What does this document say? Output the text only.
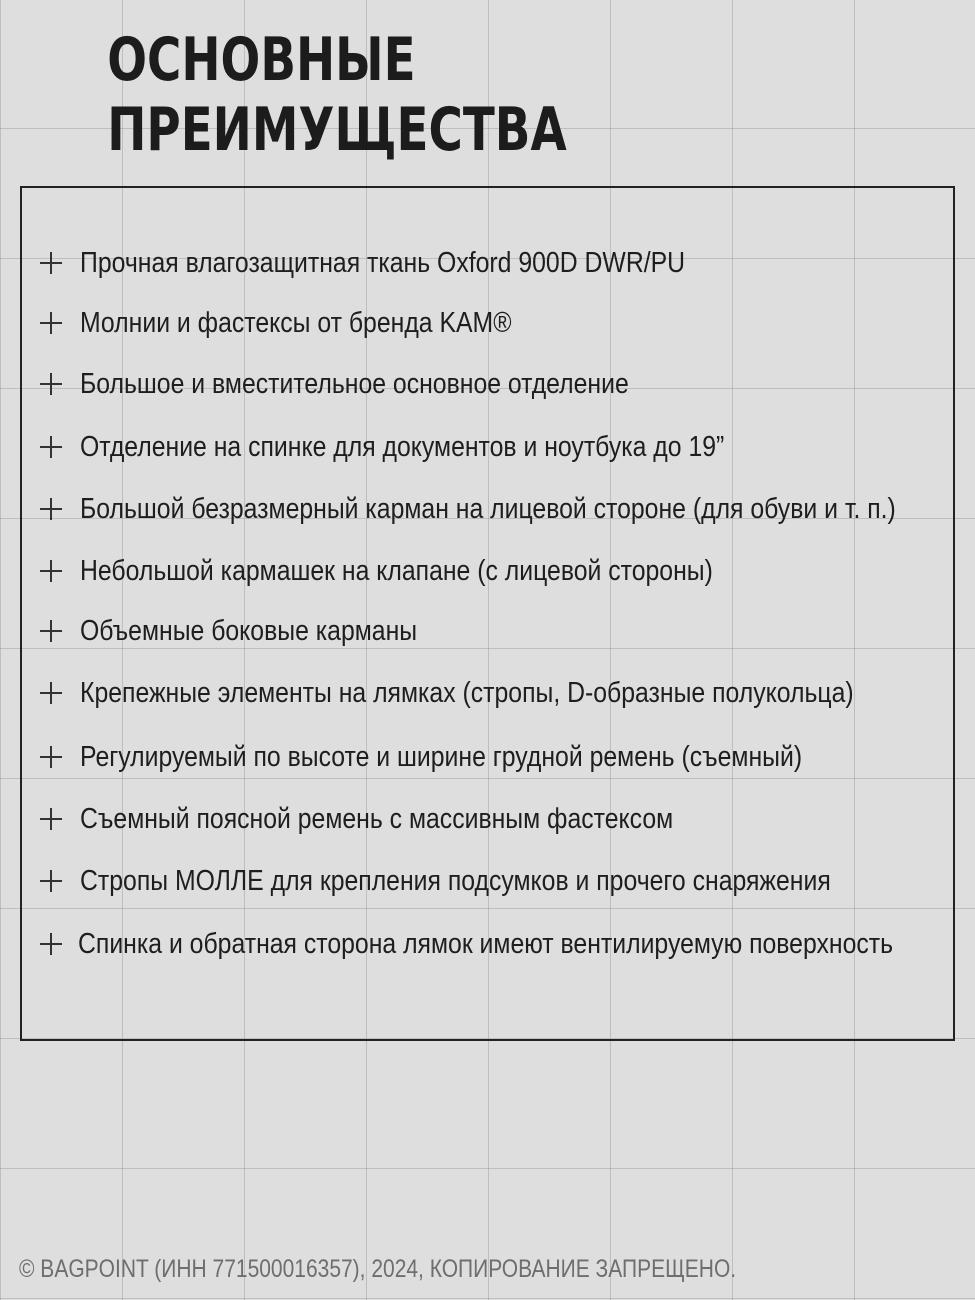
ОСНОВНЫЕ ПРЕИМУЩЕСТВА
Прочная влагозащитная ткань Oxford 900D DWR/PU
Молнии и фастексы от бренда KAM®
Большое и вместительное основное отделение
Отделение на спинке для документов и ноутбука до 19”
Большой безразмерный карман на лицевой стороне (для обуви и т. п.)
Небольшой кармашек на клапане (с лицевой стороны)
Объемные боковые карманы
Крепежные элементы на лямках (стропы, D-образные полукольца)
Регулируемый по высоте и ширине грудной ремень (съемный)
Съемный поясной ремень с массивным фастексом
Стропы МОЛЛЕ для крепления подсумков и прочего снаряжения
Спинка и обратная сторона лямок имеют вентилируемую поверхность
© BAGPOINT (ИНН 771500016357), 2024, КОПИРОВАНИЕ ЗАПРЕЩЕНО.
